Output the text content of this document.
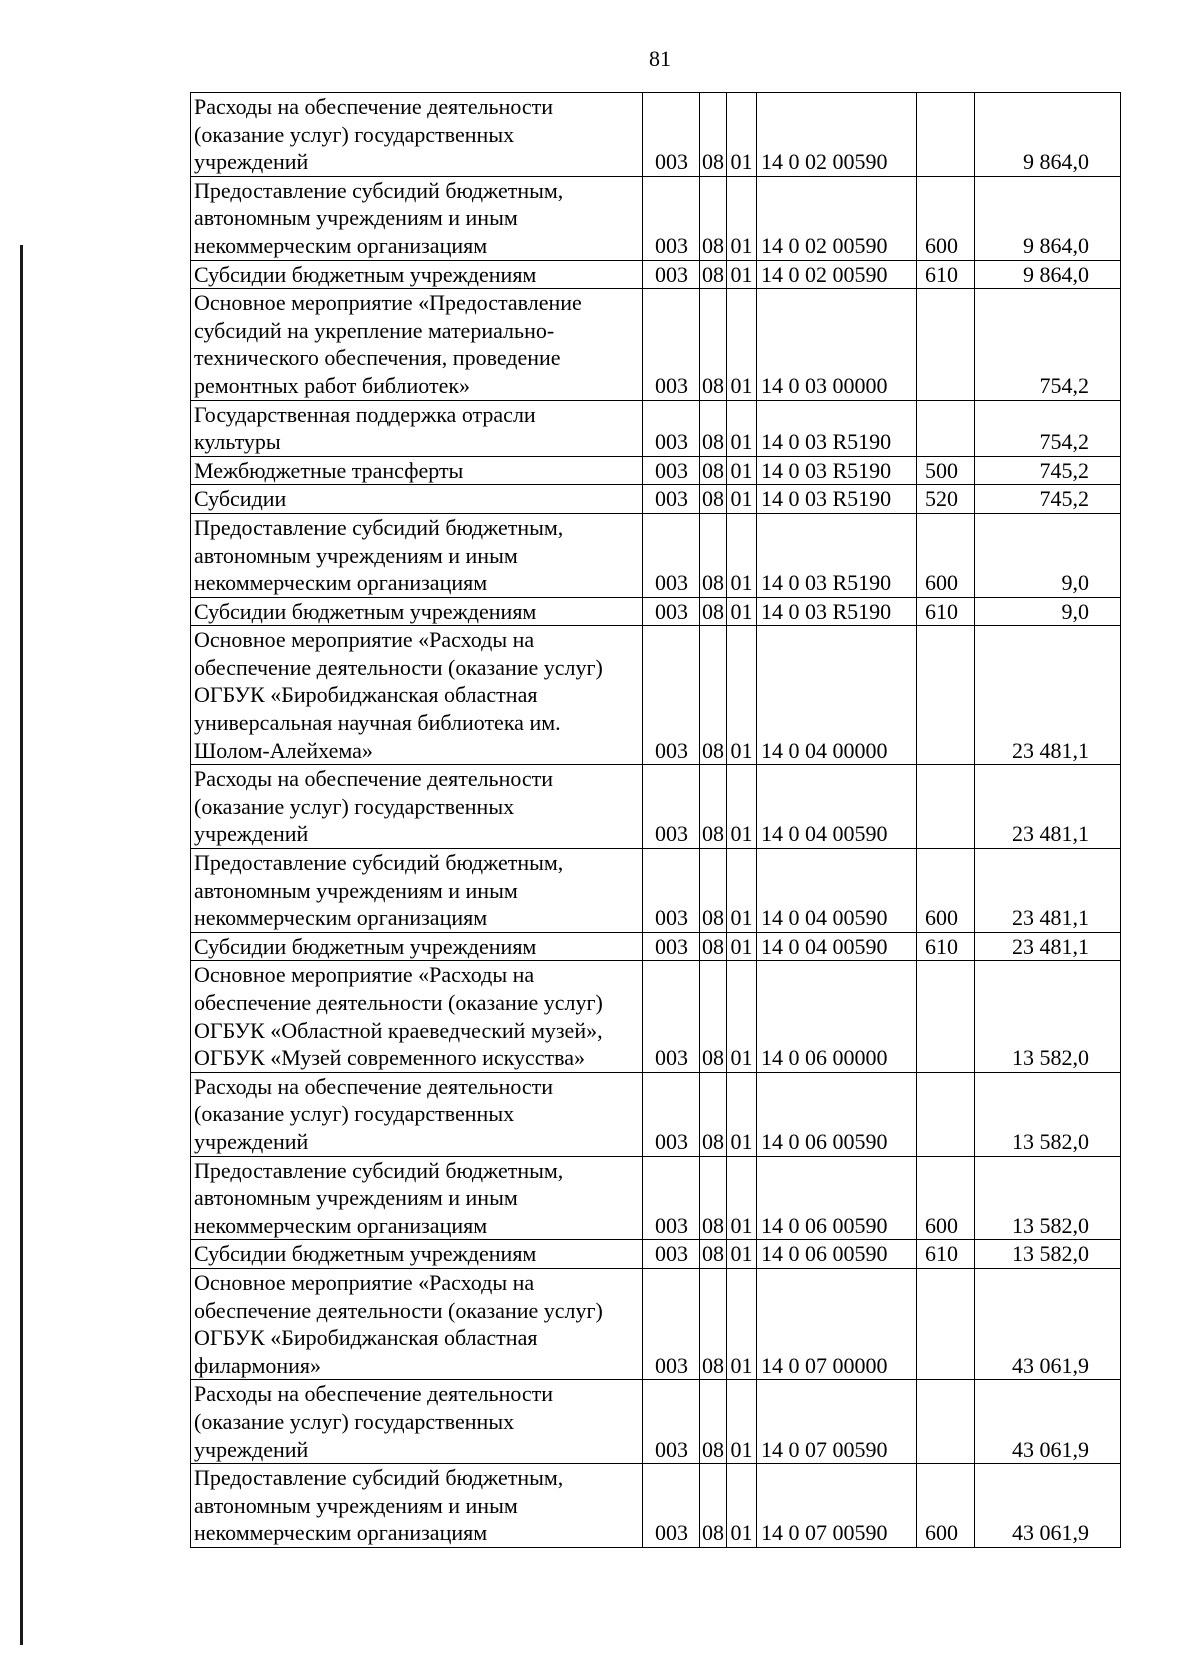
81
Расходы на обеспечение деятельности
(оказание услуг) государственных
учреждений	003	08	01	14 0 02 00590		9 864,0

Предоставление субсидий бюджетным,
автономным учреждениям и иным
некоммерческим организациям	003	08	01	14 0 02 00590	600	9 864,0

Субсидии бюджетным учреждениям	003	08	01	14 0 02 00590	610	9 864,0

Основное мероприятие «Предоставление
субсидий на укрепление материально-
технического обеспечения, проведение
ремонтных работ библиотек»	003	08	01	14 0 03 00000		754,2

Государственная поддержка отрасли
культуры	003	08	01	14 0 03 R5190		754,2

Межбюджетные трансферты	003	08	01	14 0 03 R5190	500	745,2

Субсидии	003	08	01	14 0 03 R5190	520	745,2

Предоставление субсидий бюджетным,
автономным учреждениям и иным
некоммерческим организациям	003	08	01	14 0 03 R5190	600	9,0

Субсидии бюджетным учреждениям	003	08	01	14 0 03 R5190	610	9,0

Основное мероприятие «Расходы на
обеспечение деятельности (оказание услуг)
ОГБУК «Биробиджанская областная
универсальная научная библиотека им.
Шолом-Алейхема»	003	08	01	14 0 04 00000		23 481,1

Расходы на обеспечение деятельности
(оказание услуг) государственных
учреждений	003	08	01	14 0 04 00590		23 481,1

Предоставление субсидий бюджетным,
автономным учреждениям и иным
некоммерческим организациям	003	08	01	14 0 04 00590	600	23 481,1

Субсидии бюджетным учреждениям	003	08	01	14 0 04 00590	610	23 481,1

Основное мероприятие «Расходы на
обеспечение деятельности (оказание услуг)
ОГБУК «Областной краеведческий музей»,
ОГБУК «Музей современного искусства»	003	08	01	14 0 06 00000		13 582,0

Расходы на обеспечение деятельности
(оказание услуг) государственных
учреждений	003	08	01	14 0 06 00590		13 582,0

Предоставление субсидий бюджетным,
автономным учреждениям и иным
некоммерческим организациям	003	08	01	14 0 06 00590	600	13 582,0

Субсидии бюджетным учреждениям	003	08	01	14 0 06 00590	610	13 582,0

Основное мероприятие «Расходы на
обеспечение деятельности (оказание услуг)
ОГБУК «Биробиджанская областная
филармония»	003	08	01	14 0 07 00000		43 061,9

Расходы на обеспечение деятельности
(оказание услуг) государственных
учреждений	003	08	01	14 0 07 00590		43 061,9

Предоставление субсидий бюджетным,
автономным учреждениям и иным
некоммерческим организациям	003	08	01	14 0 07 00590	600	43 061,9
